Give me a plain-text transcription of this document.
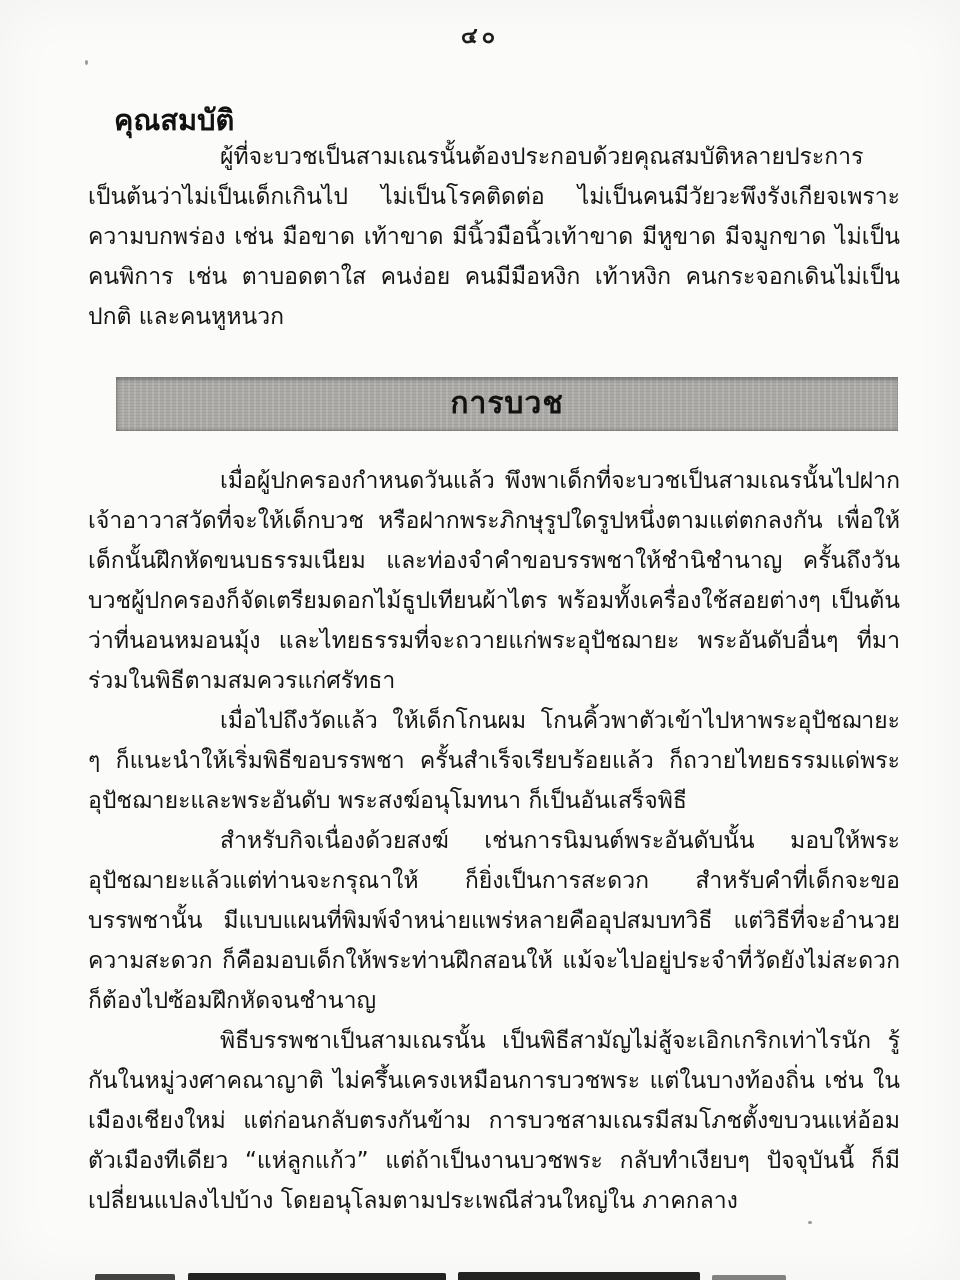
๔๐
คุณสมบัติ

ผู้ที่จะบวชเป็นสามเณรนั้นต้องประกอบด้วยคุณสมบัติหลายประการ เป็นต้นว่าไม่เป็นเด็กเกินไป ไม่เป็นโรคติดต่อ ไม่เป็นคนมีวัยวะพึงรังเกียจเพราะความบกพร่อง เช่น มือขาด เท้าขาด มีนิ้วมือนิ้วเท้าขาด มีหูขาด มีจมูกขาด ไม่เป็นคนพิการ เช่น ตาบอดตาใส คนง่อย คนมีมือหงิก เท้าหงิก คนกระจอกเดินไม่เป็นปกติ และคนหูหนวก

การบวช

เมื่อผู้ปกครองกำหนดวันแล้ว พึงพาเด็กที่จะบวชเป็นสามเณรนั้นไปฝากเจ้าอาวาสวัดที่จะให้เด็กบวช หรือฝากพระภิกษุรูปใดรูปหนึ่งตามแต่ตกลงกัน เพื่อให้เด็กนั้นฝึกหัดขนบธรรมเนียม และท่องจำคำขอบรรพชาให้ชำนิชำนาญ ครั้นถึงวันบวชผู้ปกครองก็จัดเตรียมดอกไม้ธูปเทียนผ้าไตร พร้อมทั้งเครื่องใช้สอยต่างๆ เป็นต้นว่าที่นอนหมอนมุ้ง และไทยธรรมที่จะถวายแก่พระอุปัชฌายะ พระอันดับอื่นๆ ที่มาร่วมในพิธีตามสมควรแก่ศรัทธา

เมื่อไปถึงวัดแล้ว ให้เด็กโกนผม โกนคิ้วพาตัวเข้าไปหาพระอุปัชฌายะ ๆ ก็แนะนำให้เริ่มพิธีขอบรรพชา ครั้นสำเร็จเรียบร้อยแล้ว ก็ถวายไทยธรรมแด่พระอุปัชฌายะและพระอันดับ พระสงฆ์อนุโมทนา ก็เป็นอันเสร็จพิธี

สำหรับกิจเนื่องด้วยสงฆ์ เช่นการนิมนต์พระอันดับนั้น มอบให้พระอุปัชฌายะแล้วแต่ท่านจะกรุณาให้ ก็ยิ่งเป็นการสะดวก สำหรับคำที่เด็กจะขอบรรพชานั้น มีแบบแผนที่พิมพ์จำหน่ายแพร่หลายคืออุปสมบทวิธี แต่วิธีที่จะอำนวยความสะดวก ก็คือมอบเด็กให้พระท่านฝึกสอนให้ แม้จะไปอยู่ประจำที่วัดยังไม่สะดวก ก็ต้องไปซ้อมฝึกหัดจนชำนาญ

พิธีบรรพชาเป็นสามเณรนั้น เป็นพิธีสามัญไม่สู้จะเอิกเกริกเท่าไรนัก รู้กันในหมู่วงศาคณาญาติ ไม่ครึ้นเครงเหมือนการบวชพระ แต่ในบางท้องถิ่น เช่น ในเมืองเชียงใหม่ แต่ก่อนกลับตรงกันข้าม การบวชสามเณรมีสมโภชตั้งขบวนแห่อ้อมตัวเมืองทีเดียว “แห่ลูกแก้ว” แต่ถ้าเป็นงานบวชพระ กลับทำเงียบๆ ปัจจุบันนี้ ก็มีเปลี่ยนแปลงไปบ้าง โดยอนุโลมตามประเพณีส่วนใหญ่ใน ภาคกลาง
